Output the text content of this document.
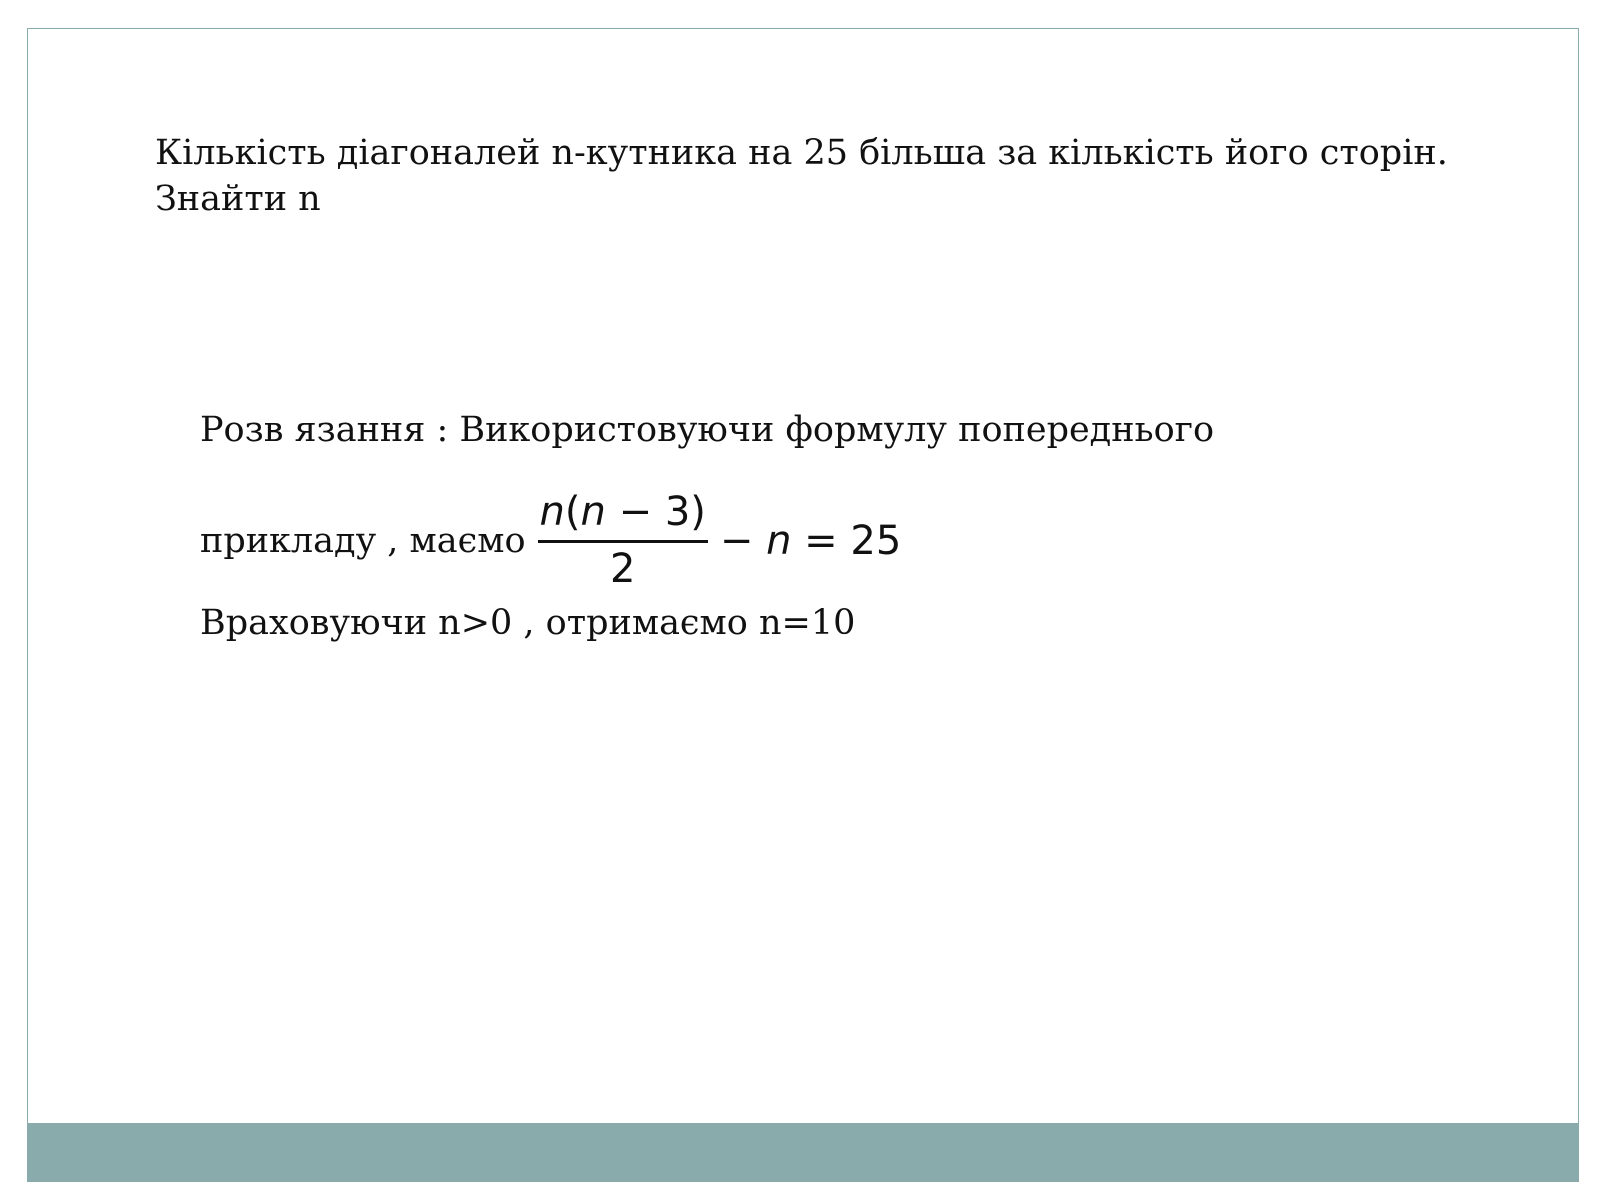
Кількість діагоналей n-кутника на 25 більша за кількість його сторін.
Знайти n
Розв язання : Використовуючи формулу попереднього
прикладу , маємо $\frac{n(n - 3)}{2} - n = 25$
Враховуючи n>0 , отримаємо n=10
